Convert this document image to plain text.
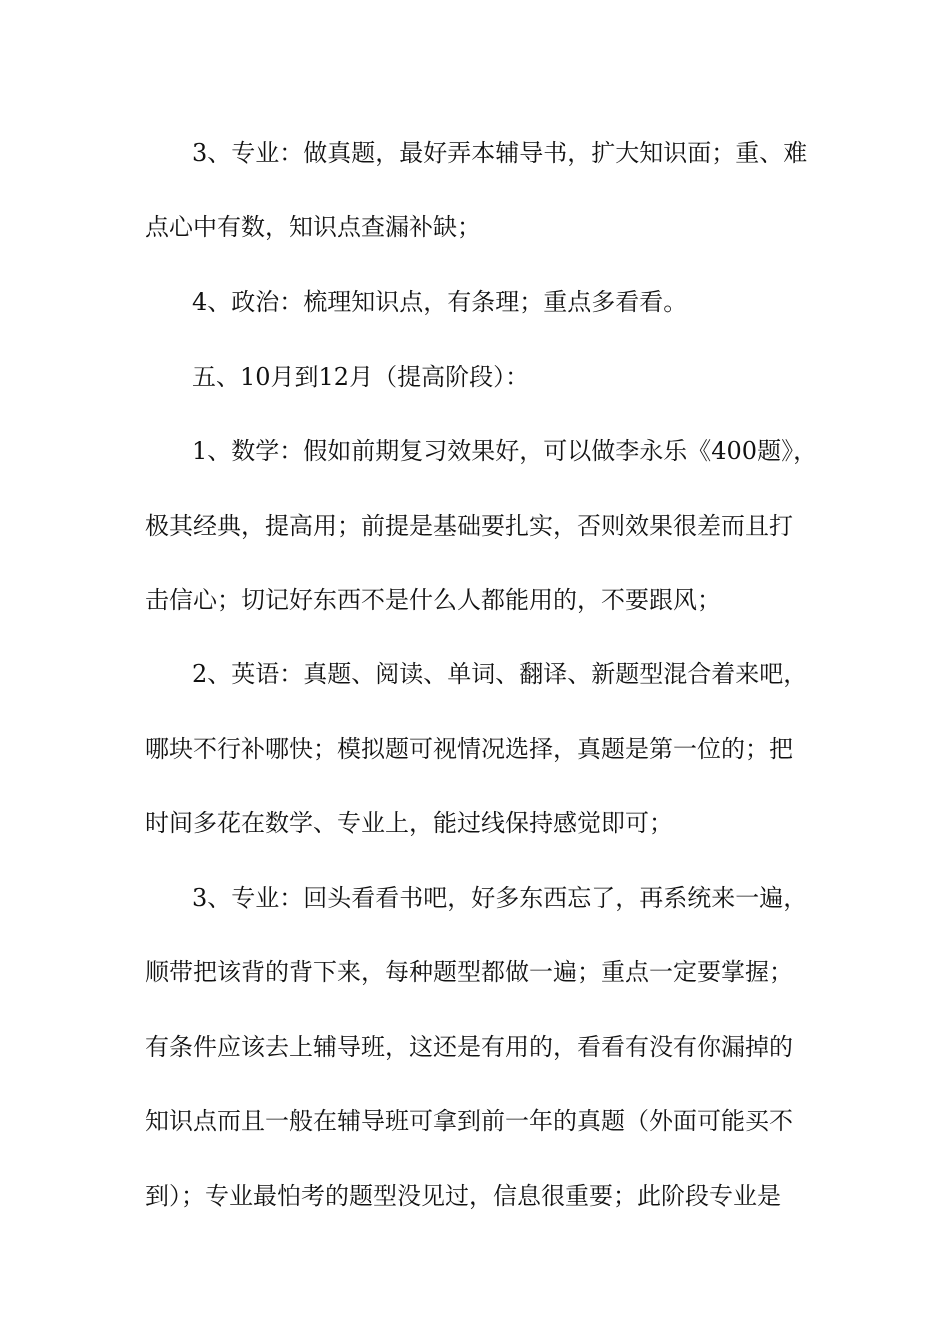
3、专业：做真题，最好弄本辅导书，扩大知识面；重、难
点心中有数，知识点查漏补缺；
4、政治：梳理知识点，有条理；重点多看看。
五、10月到12月（提高阶段）：
1、数学：假如前期复习效果好，可以做李永乐《400题》，
极其经典，提高用；前提是基础要扎实，否则效果很差而且打
击信心；切记好东西不是什么人都能用的，不要跟风；
2、英语：真题、阅读、单词、翻译、新题型混合着来吧，
哪块不行补哪快；模拟题可视情况选择，真题是第一位的；把
时间多花在数学、专业上，能过线保持感觉即可；
3、专业：回头看看书吧，好多东西忘了，再系统来一遍，
顺带把该背的背下来，每种题型都做一遍；重点一定要掌握；
有条件应该去上辅导班，这还是有用的，看看有没有你漏掉的
知识点而且一般在辅导班可拿到前一年的真题（外面可能买不
到）；专业最怕考的题型没见过，信息很重要；此阶段专业是
